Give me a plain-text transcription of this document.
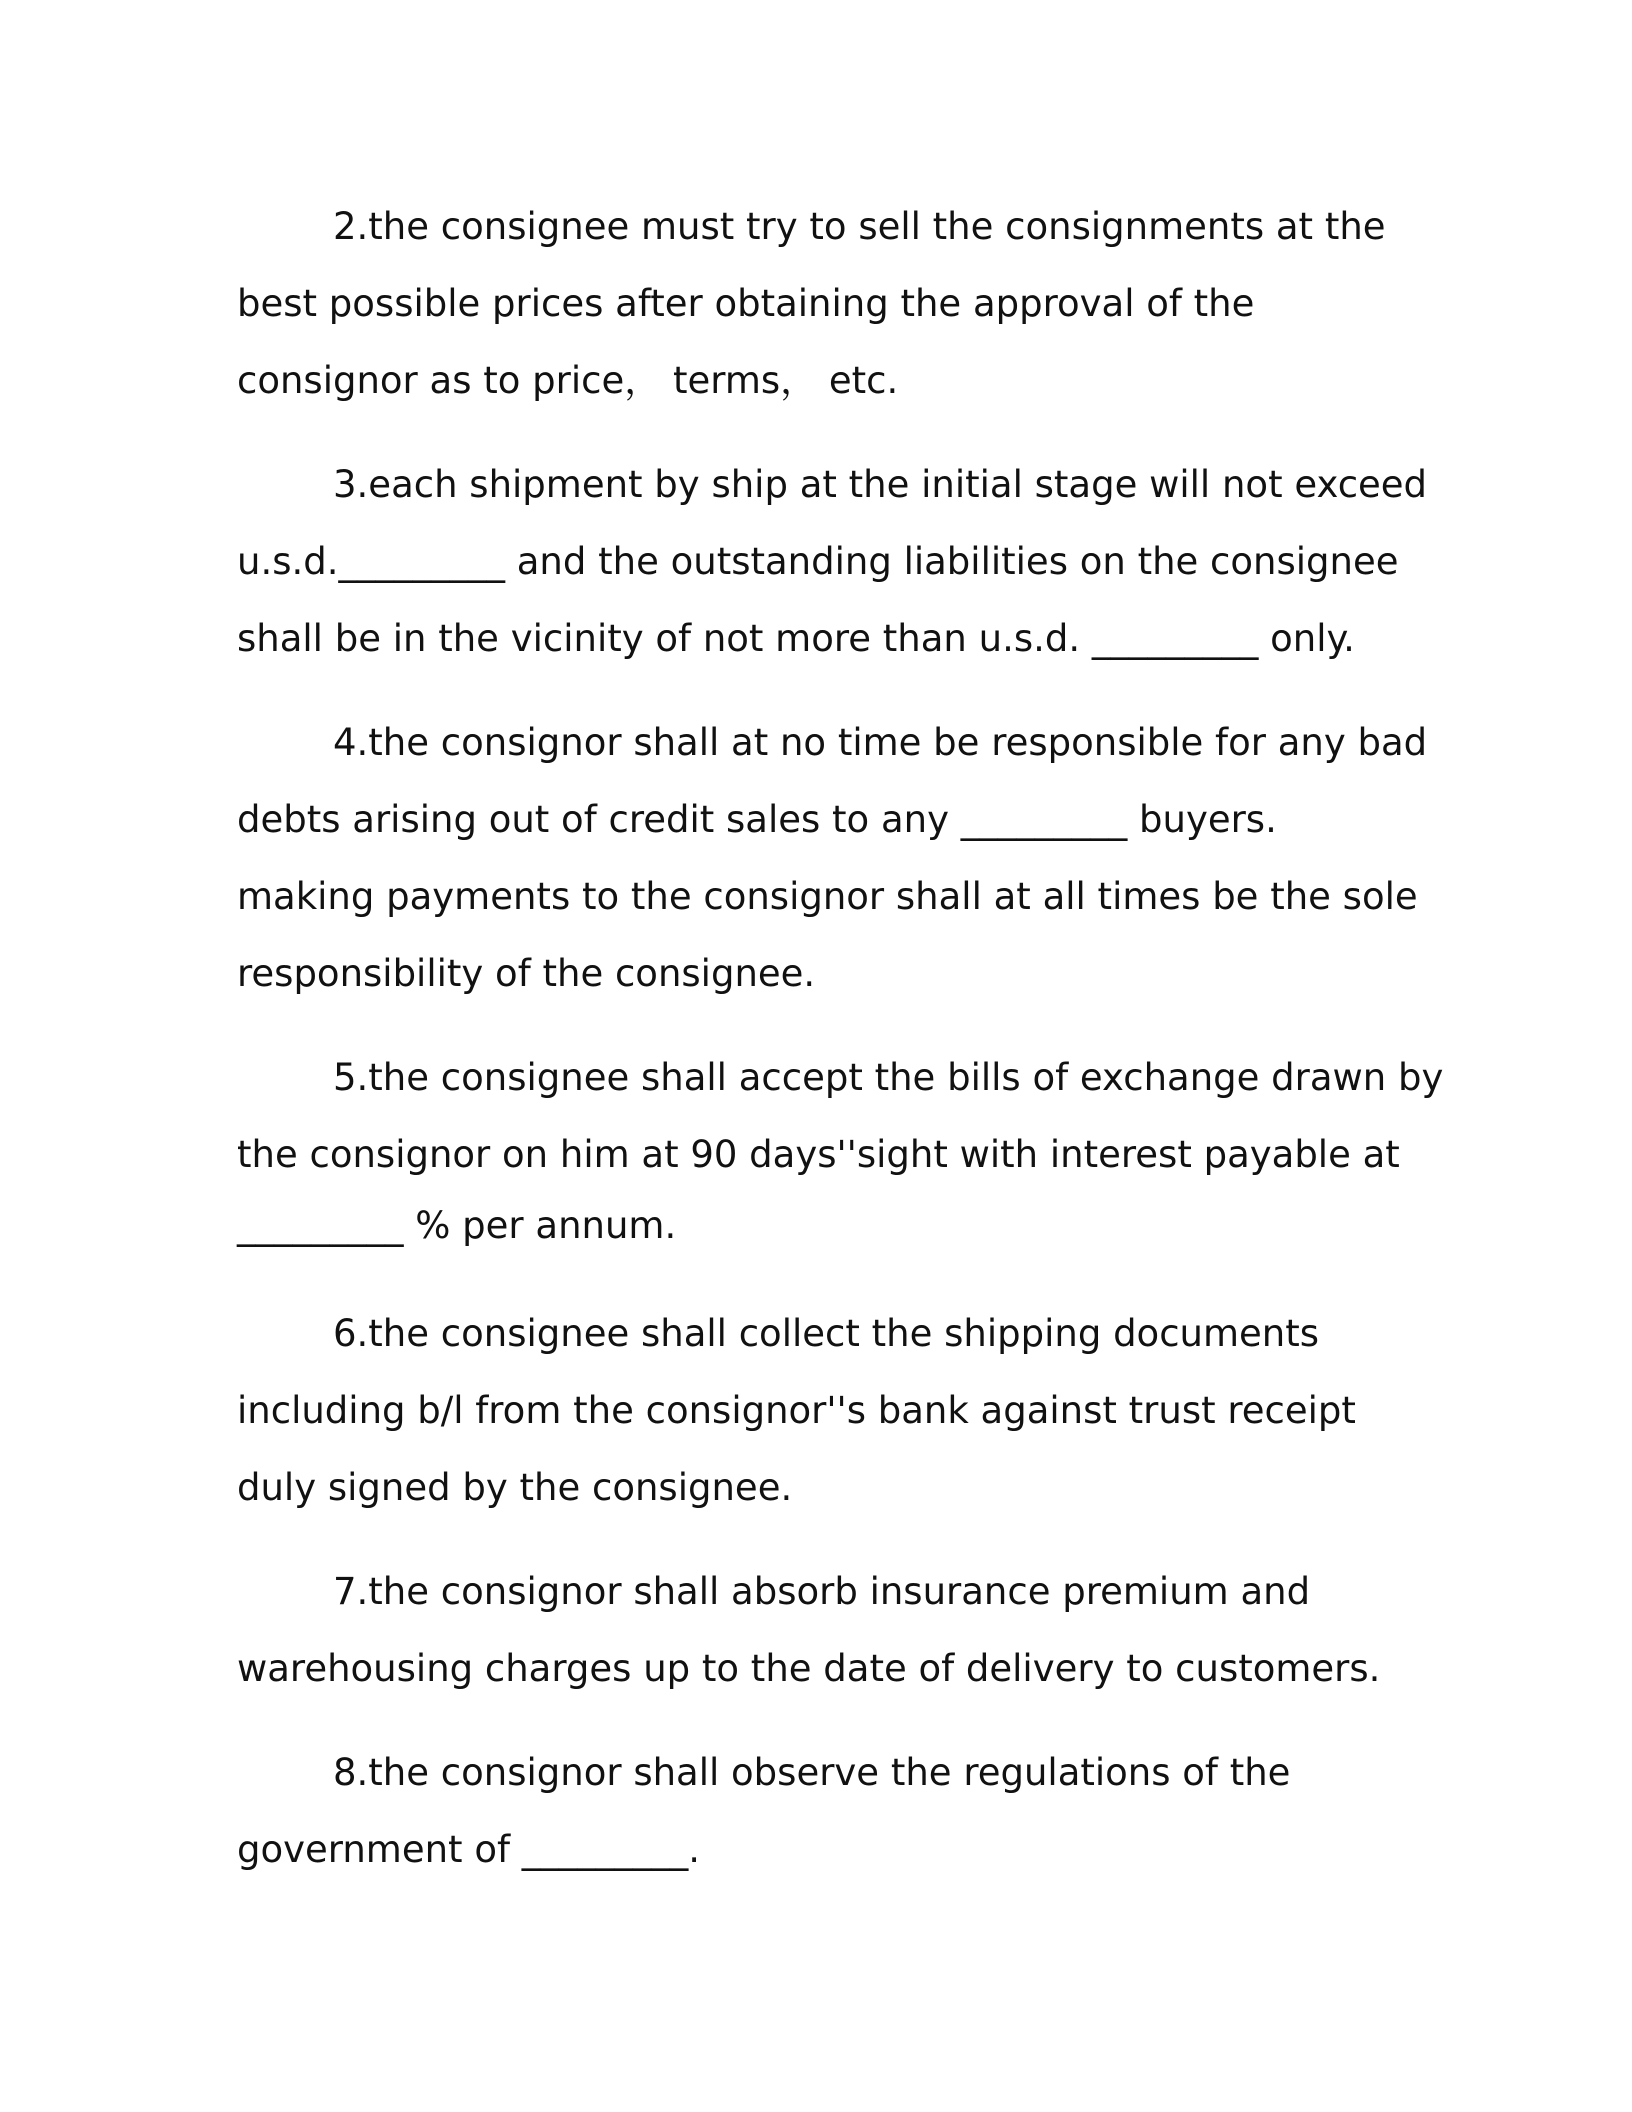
2.the consignee must try to sell the consignments at the
best possible prices after obtaining the approval of the
consignor as to price， terms， etc.

3.each shipment by ship at the initial stage will not exceed
u.s.d._________ and the outstanding liabilities on the consignee
shall be in the vicinity of not more than u.s.d. _________ only.

4.the consignor shall at no time be responsible for any bad
debts arising out of credit sales to any _________ buyers.
making payments to the consignor shall at all times be the sole
responsibility of the consignee.

5.the consignee shall accept the bills of exchange drawn by
the consignor on him at 90 days''sight with interest payable at
_________ % per annum.

6.the consignee shall collect the shipping documents
including b/l from the consignor''s bank against trust receipt
duly signed by the consignee.

7.the consignor shall absorb insurance premium and
warehousing charges up to the date of delivery to customers.

8.the consignor shall observe the regulations of the
government of _________.
